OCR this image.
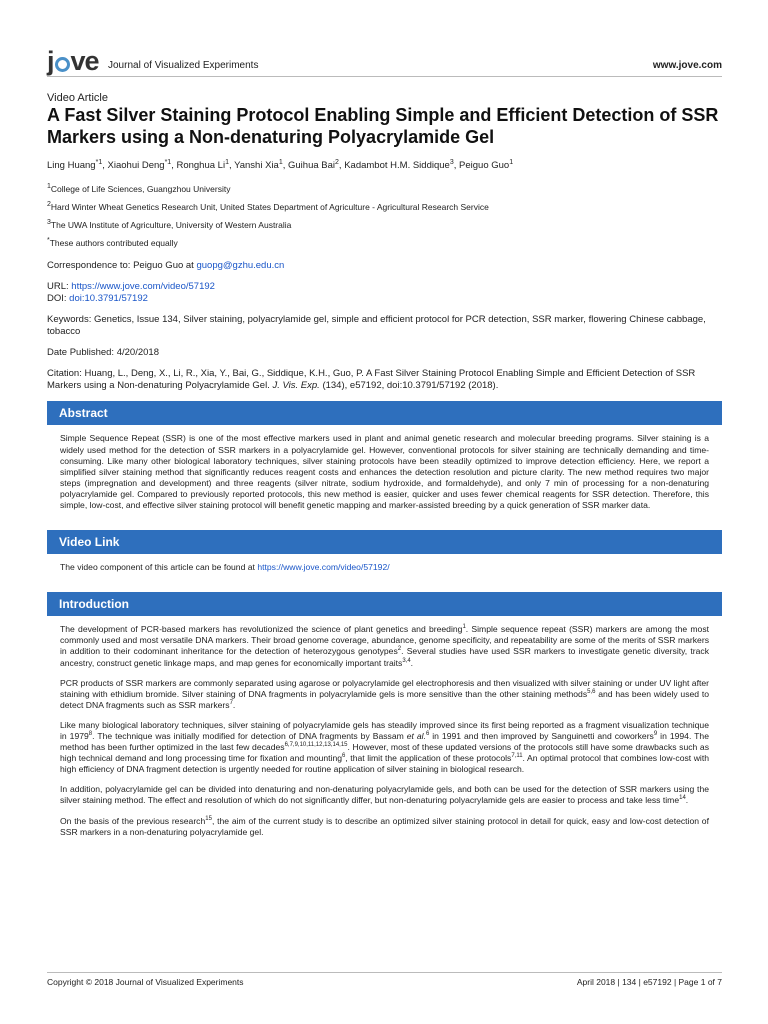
j ve Journal of Visualized Experiments	www.jove.com

Video Article

A Fast Silver Staining Protocol Enabling Simple and Efficient Detection of SSR Markers using a Non-denaturing Polyacrylamide Gel

Ling Huang$^{*1}$, Xiaohui Deng$^{*1}$, Ronghua Li$^1$, Yanshi Xia$^1$, Guihua Bai$^2$, Kadambot H.M. Siddique$^3$, Peiguo Guo$^1$

$^1$College of Life Sciences, Guangzhou University
$^2$Hard Winter Wheat Genetics Research Unit, United States Department of Agriculture - Agricultural Research Service
$^3$The UWA Institute of Agriculture, University of Western Australia
*These authors contributed equally

Correspondence to: Peiguo Guo at guopg@gzhu.edu.cn

URL: https://www.jove.com/video/57192
DOI: doi:10.3791/57192

Keywords: Genetics, Issue 134, Silver staining, polyacrylamide gel, simple and efficient protocol for PCR detection, SSR marker, flowering Chinese cabbage, tobacco

Date Published: 4/20/2018

Citation: Huang, L., Deng, X., Li, R., Xia, Y., Bai, G., Siddique, K.H., Guo, P. A Fast Silver Staining Protocol Enabling Simple and Efficient Detection of SSR Markers using a Non-denaturing Polyacrylamide Gel. J. Vis. Exp. (134), e57192, doi:10.3791/57192 (2018).

Abstract

Simple Sequence Repeat (SSR) is one of the most effective markers used in plant and animal genetic research and molecular breeding programs. Silver staining is a widely used method for the detection of SSR markers in a polyacrylamide gel. However, conventional protocols for silver staining are technically demanding and time-consuming. Like many other biological laboratory techniques, silver staining protocols have been steadily optimized to improve detection efficiency. Here, we report a simplified silver staining method that significantly reduces reagent costs and enhances the detection resolution and picture clarity. The new method requires two major steps (impregnation and development) and three reagents (silver nitrate, sodium hydroxide, and formaldehyde), and only 7 min of processing for a non-denaturing polyacrylamide gel. Compared to previously reported protocols, this new method is easier, quicker and uses fewer chemical reagents for SSR detection. Therefore, this simple, low-cost, and effective silver staining protocol will benefit genetic mapping and marker-assisted breeding by a quick generation of SSR marker data.

Video Link

The video component of this article can be found at https://www.jove.com/video/57192/

Introduction

The development of PCR-based markers has revolutionized the science of plant genetics and breeding$^1$. Simple sequence repeat (SSR) markers are among the most commonly used and most versatile DNA markers. Their broad genome coverage, abundance, genome specificity, and repeatability are some of the merits of SSR markers in addition to their codominant inheritance for the detection of heterozygous genotypes$^2$. Several studies have used SSR markers to investigate genetic diversity, track ancestry, construct genetic linkage maps, and map genes for economically important traits$^{3,4}$.

PCR products of SSR markers are commonly separated using agarose or polyacrylamide gel electrophoresis and then visualized with silver staining or under UV light after staining with ethidium bromide. Silver staining of DNA fragments in polyacrylamide gels is more sensitive than the other staining methods$^{5,6}$ and has been widely used to detect DNA fragments such as SSR markers$^7$.

Like many biological laboratory techniques, silver staining of polyacrylamide gels has steadily improved since its first being reported as a fragment visualization technique in 1979$^8$. The technique was initially modified for detection of DNA fragments by Bassam et al.$^6$ in 1991 and then improved by Sanguinetti and coworkers$^9$ in 1994. The method has been further optimized in the last few decades$^{6,7,9,10,11,12,13,14,15}$. However, most of these updated versions of the protocols still have some drawbacks such as high technical demand and long processing time for fixation and mounting$^6$, that limit the application of these protocols$^{7,11}$. An optimal protocol that combines low-cost with high efficiency of DNA fragment detection is urgently needed for routine application of silver staining in biological research.

In addition, polyacrylamide gel can be divided into denaturing and non-denaturing polyacrylamide gels, and both can be used for the detection of SSR markers using the silver staining method. The effect and resolution of which do not significantly differ, but non-denaturing polyacrylamide gels are easier to process and take less time$^{14}$.

On the basis of the previous research$^{15}$, the aim of the current study is to describe an optimized silver staining protocol in detail for quick, easy and low-cost detection of SSR markers in a non-denaturing polyacrylamide gel.

Copyright © 2018 Journal of Visualized Experiments	April 2018 | 134 | e57192 | Page 1 of 7
